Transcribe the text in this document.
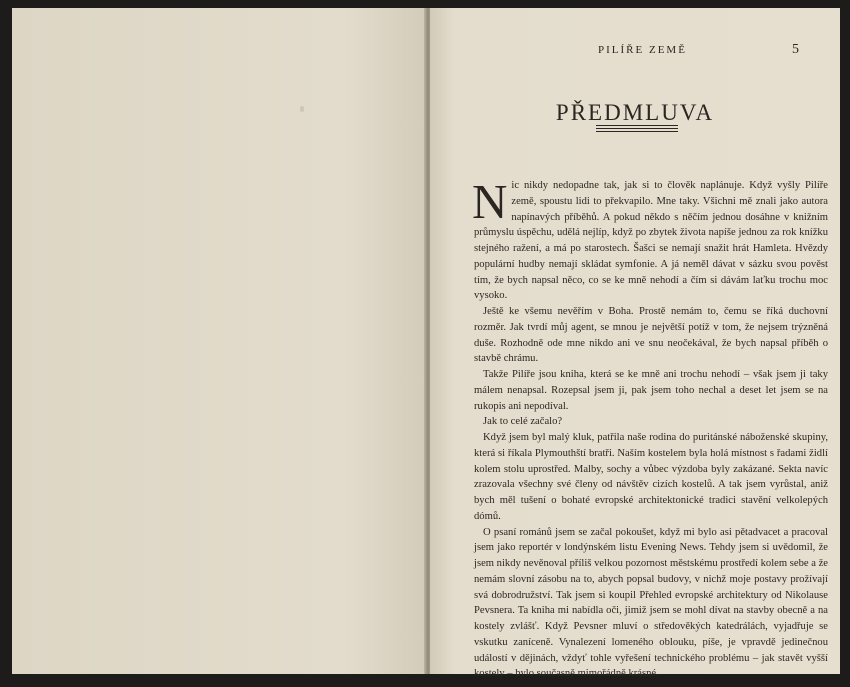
PILÍŘE ZEMĚ	5
PŘEDMLUVA

Nic nikdy nedopadne tak, jak si to člověk naplánuje. Když vyšly Pilíře země, spoustu lidi to překvapilo. Mne taky. Všichni mě znali jako autora napínavých příběhů. A pokud někdo s něčím jednou dosáhne v knižním průmyslu úspěchu, udělá nejlíp, když po zbytek života napíše jednou za rok knížku stejného ražení, a má po starostech. Šašci se nemají snažit hrát Hamleta. Hvězdy populární hudby nemají skládat symfonie. A já neměl dávat v sázku svou pověst tím, že bych napsal něco, co se ke mně nehodí a čím si dávám laťku trochu moc vysoko.

Ještě ke všemu nevěřím v Boha. Prostě nemám to, čemu se říká duchovní rozměr. Jak tvrdí můj agent, se mnou je největší potíž v tom, že nejsem trýzněná duše. Rozhodně ode mne nikdo ani ve snu neočekával, že bych napsal příběh o stavbě chrámu.

Takže Pilíře jsou kniha, která se ke mně ani trochu nehodí – však jsem ji taky málem nenapsal. Rozepsal jsem ji, pak jsem toho nechal a deset let jsem se na rukopis ani nepodíval.

Jak to celé začalo?

Když jsem byl malý kluk, patřila naše rodina do puritánské náboženské skupiny, která si říkala Plymouthští bratři. Naším kostelem byla holá místnost s řadami židlí kolem stolu uprostřed. Malby, sochy a vůbec výzdoba byly zakázané. Sekta navíc zrazovala všechny své členy od návštěv cizích kostelů. A tak jsem vyrůstal, aniž bych měl tušení o bohaté evropské architektonické tradici stavění velkolepých dómů.

O psaní románů jsem se začal pokoušet, když mi bylo asi pětadvacet a pracoval jsem jako reportér v londýnském listu Evening News. Tehdy jsem si uvědomil, že jsem nikdy nevěnoval příliš velkou pozornost městskému prostředí kolem sebe a že nemám slovní zásobu na to, abych popsal budovy, v nichž moje postavy prožívají svá dobrodružství. Tak jsem si koupil Přehled evropské architektury od Nikolause Pevsnera. Ta kniha mi nabídla oči, jimiž jsem se mohl dívat na stavby obecně a na kostely zvlášť. Když Pevsner mluví o středověkých katedrálách, vyjadřuje se vskutku zaníceně. Vynalezení lomeného oblouku, píše, je vpravdě jedinečnou událostí v dějinách, vždyť tohle vyřešení technického problému – jak stavět vyšší kostely – bylo současně mimořádně krásné.
